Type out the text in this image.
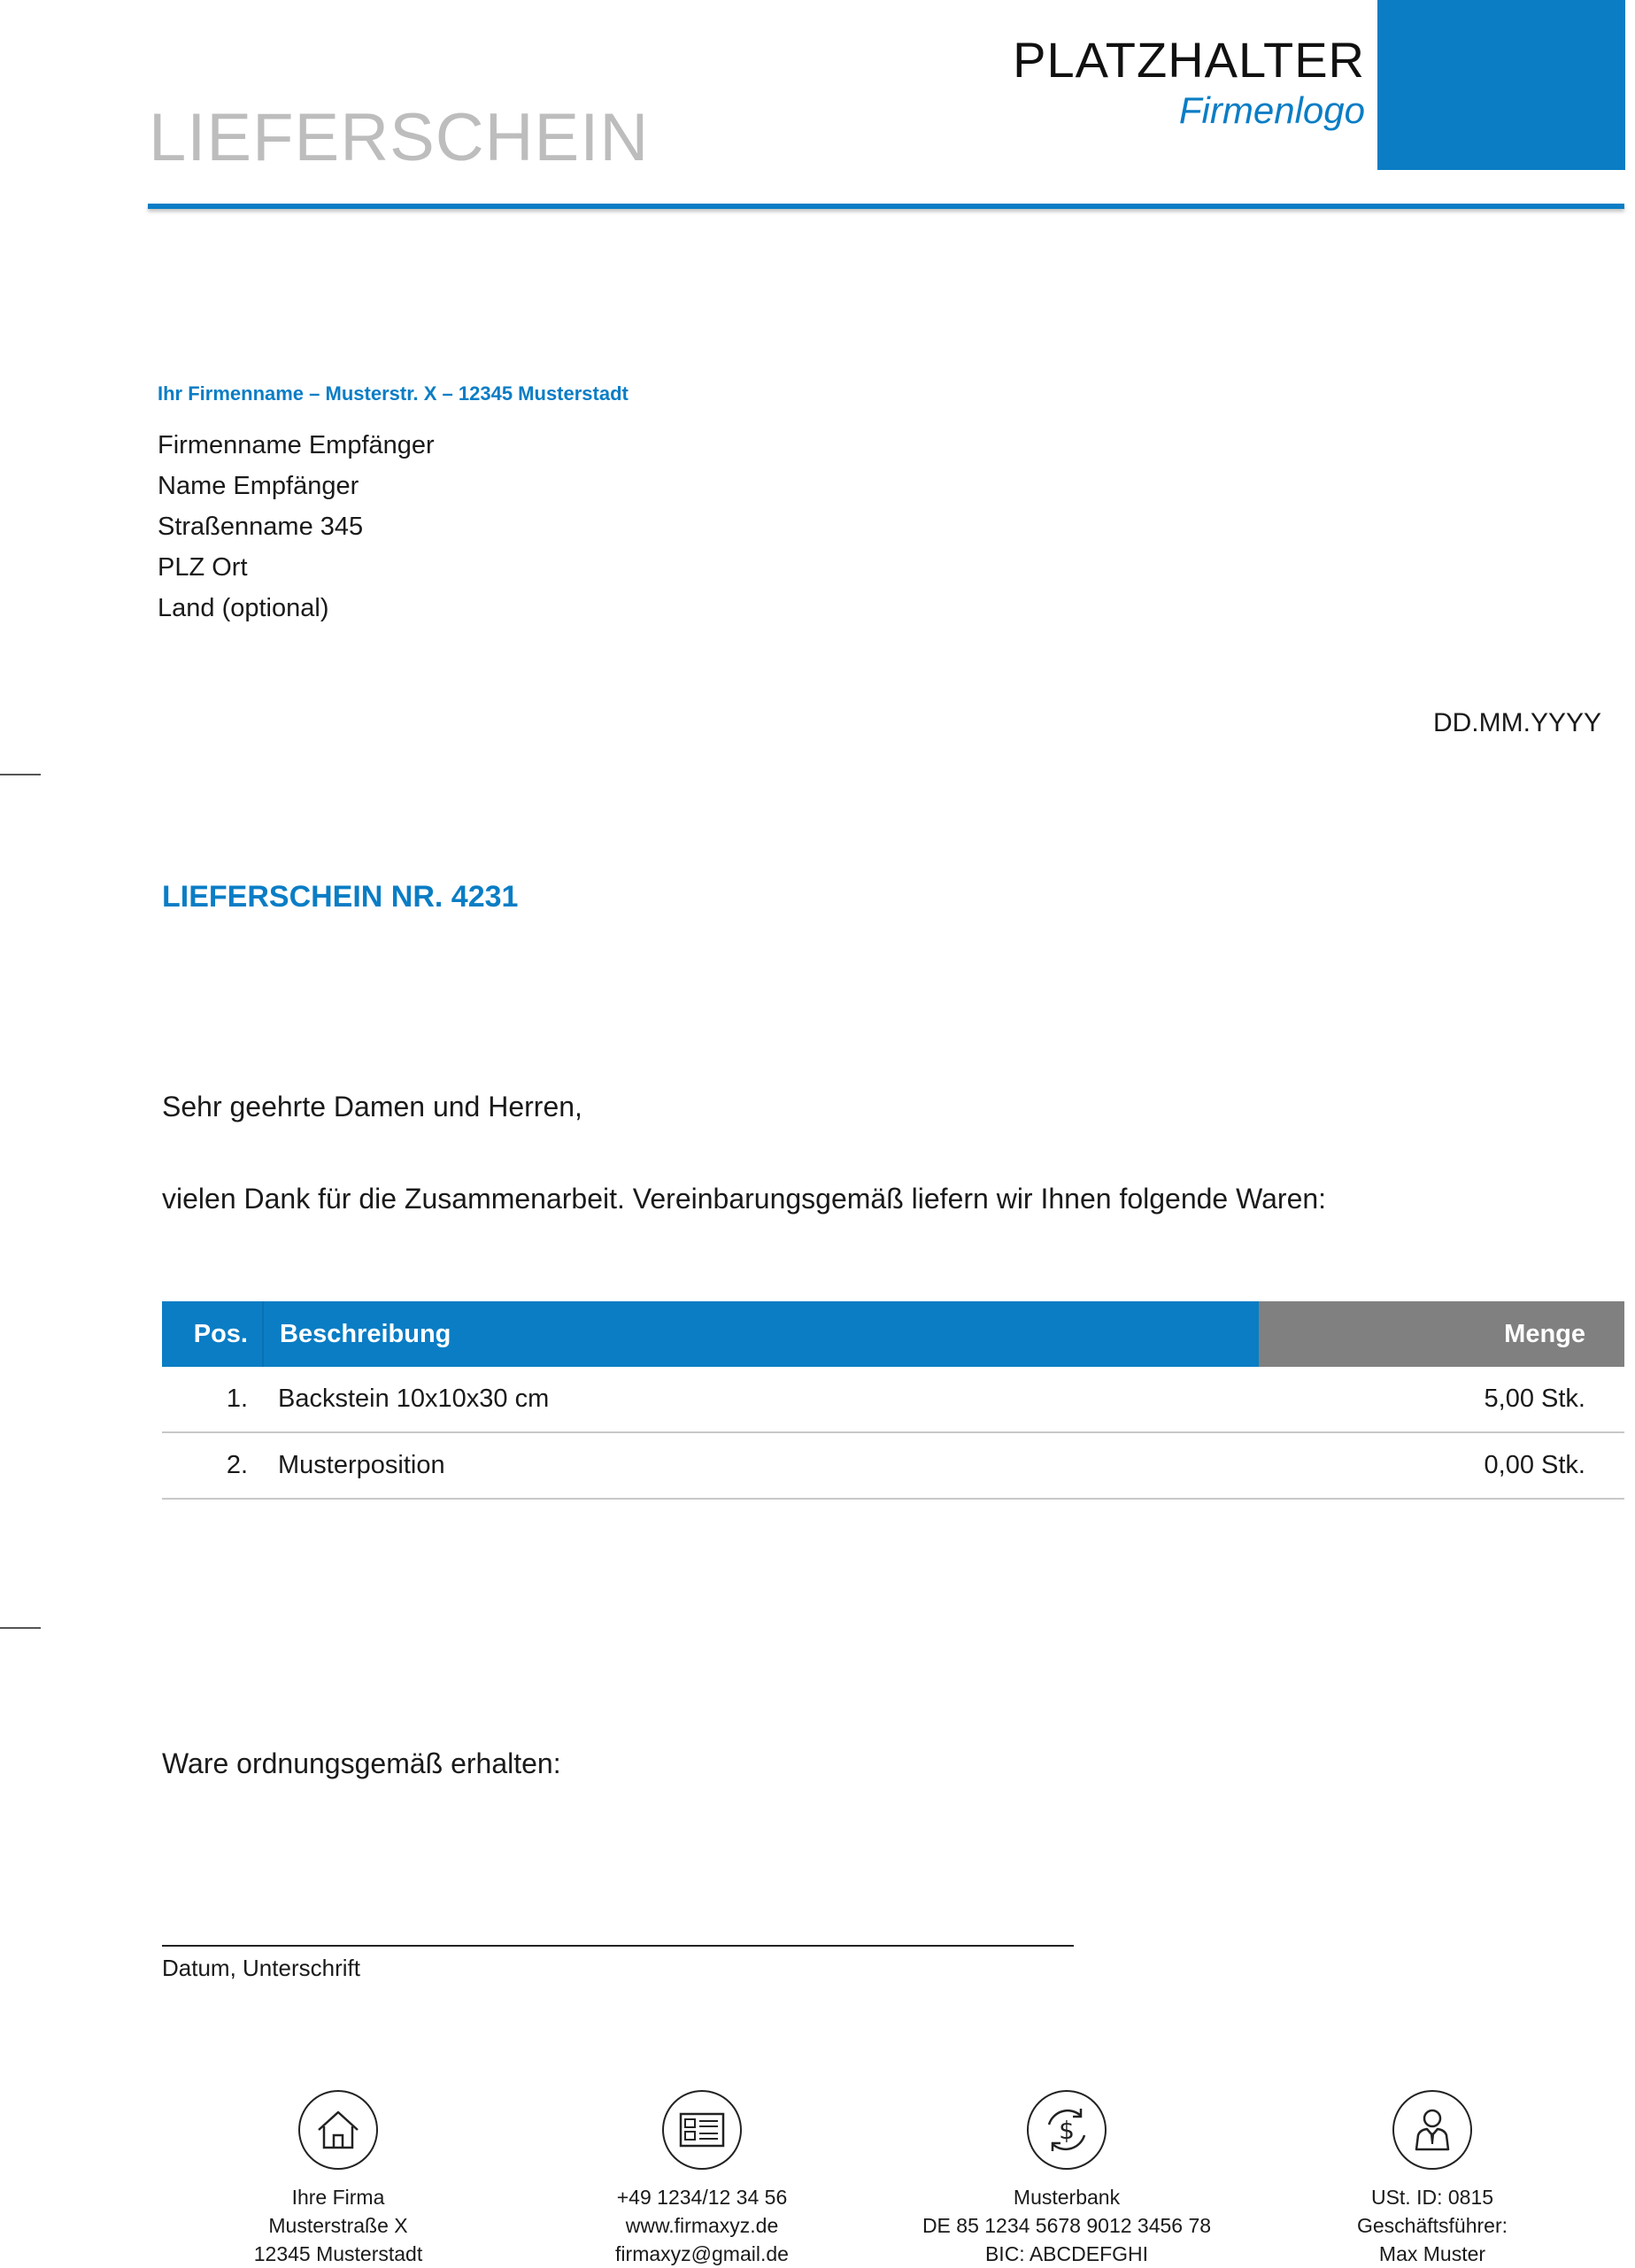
LIEFERSCHEIN
PLATZHALTER
Firmenlogo
Ihr Firmenname – Musterstr. X – 12345 Musterstadt
Firmenname Empfänger
Name Empfänger
Straßenname 345
PLZ Ort
Land (optional)
DD.MM.YYYY
LIEFERSCHEIN NR. 4231
Sehr geehrte Damen und Herren,
vielen Dank für die Zusammenarbeit. Vereinbarungsgemäß liefern wir Ihnen folgende Waren:
Pos.	Beschreibung	Menge
1.	Backstein 10x10x30 cm	5,00 Stk.
2.	Musterposition	0,00 Stk.
Ware ordnungsgemäß erhalten:
Datum, Unterschrift
Ihre Firma
Musterstraße X
12345 Musterstadt
+49 1234/12 34 56
www.firmaxyz.de
firmaxyz@gmail.de
$
Musterbank
DE 85 1234 5678 9012 3456 78
BIC: ABCDEFGHI
USt. ID: 0815
Geschäftsführer:
Max Muster
